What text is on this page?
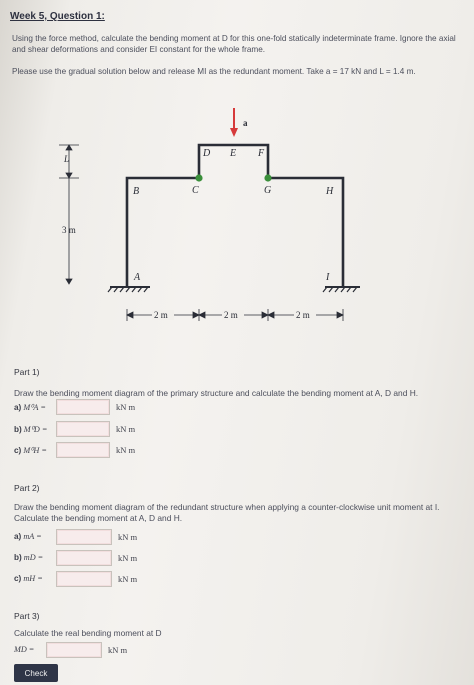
Week 5, Question 1:
Using the force method, calculate the bending moment at D for this one-fold statically indeterminate frame. Ignore the axial and shear deformations and consider EI constant for the whole frame.
Please use the gradual solution below and release MI as the redundant moment. Take a = 17 kN and L = 1.4 m.
a
B	C
D E F
G	H
A	I
L
3 m
2 m	2 m	2 m
Part 1)
Draw the bending moment diagram of the primary structure and calculate the bending moment at A, D and H.
a) M⁰A =	kN m
b) M⁰D =	kN m
c) M⁰H =	kN m
Part 2)
Draw the bending moment diagram of the redundant structure when applying a counter-clockwise unit moment at I. Calculate the bending moment at A, D and H.
a) mA =	kN m
b) mD =	kN m
c) mH =	kN m
Part 3)
Calculate the real bending moment at D
MD =	kN m
Check
